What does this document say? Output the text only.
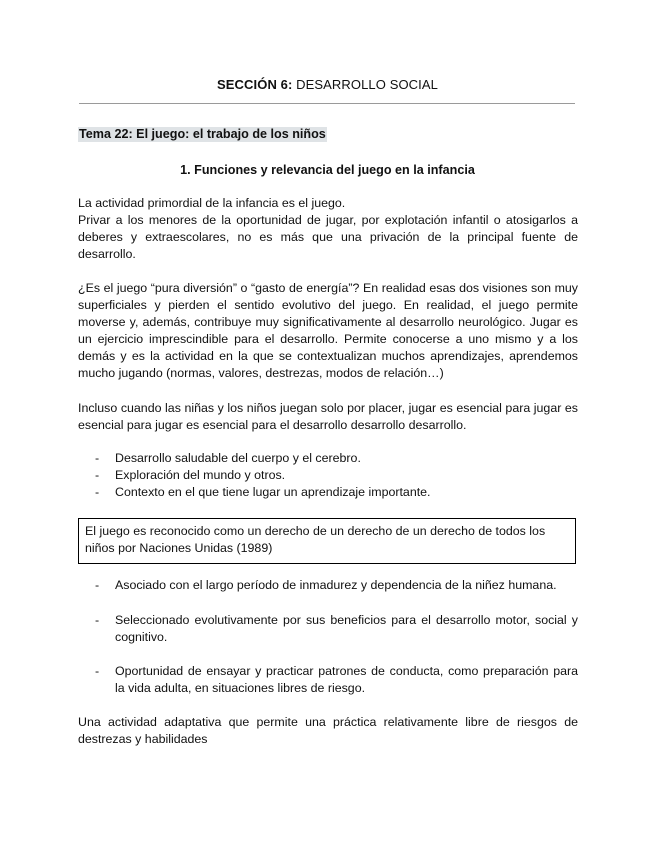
SECCIÓN 6: DESARROLLO SOCIAL
Tema 22: El juego: el trabajo de los niños
1. Funciones y relevancia del juego en la infancia
La actividad primordial de la infancia es el juego.
Privar a los menores de la oportunidad de jugar, por explotación infantil o atosigarlos a deberes y extraescolares, no es más que una privación de la principal fuente de desarrollo.

¿Es el juego “pura diversión” o “gasto de energía”? En realidad esas dos visiones son muy superficiales y pierden el sentido evolutivo del juego. En realidad, el juego permite moverse y, además, contribuye muy significativamente al desarrollo neurológico. Jugar es un ejercicio imprescindible para el desarrollo. Permite conocerse a uno mismo y a los demás y es la actividad en la que se contextualizan muchos aprendizajes, aprendemos mucho jugando (normas, valores, destrezas, modos de relación…)

Incluso cuando las niñas y los niños juegan solo por placer, jugar es esencial para jugar es esencial para jugar es esencial para el desarrollo desarrollo desarrollo.

- Desarrollo saludable del cuerpo y el cerebro.
- Exploración del mundo y otros.
- Contexto en el que tiene lugar un aprendizaje importante.
El juego es reconocido como un derecho de un derecho de un derecho de todos los niños por Naciones Unidas (1989)
- Asociado con el largo período de inmadurez y dependencia de la niñez humana.
- Seleccionado evolutivamente por sus beneficios para el desarrollo motor, social y cognitivo.
- Oportunidad de ensayar y practicar patrones de conducta, como preparación para la vida adulta, en situaciones libres de riesgo.

Una actividad adaptativa que permite una práctica relativamente libre de riesgos de destrezas y habilidades
